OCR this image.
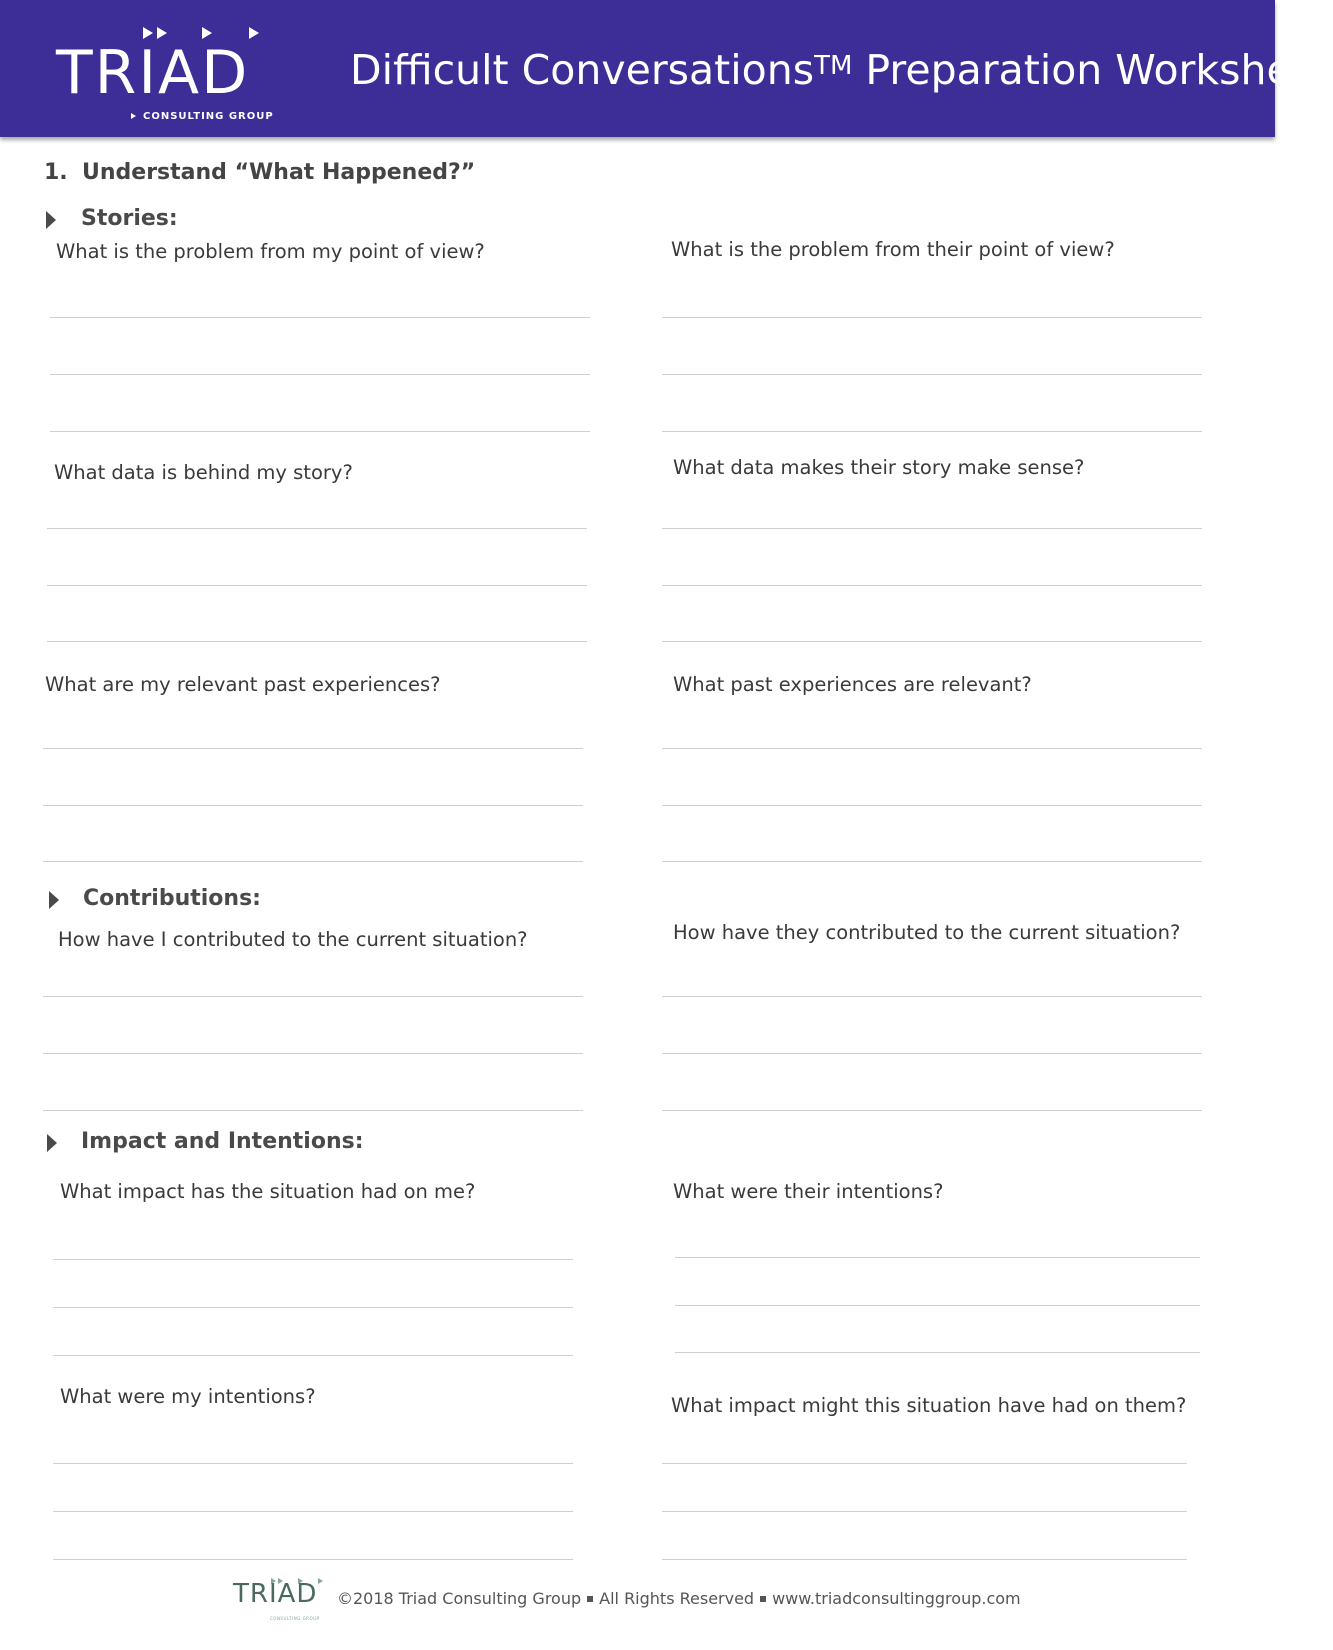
TRIAD
CONSULTING GROUP
Difficult Conversations™ Preparation Worksheet
1. Understand “What Happened?”
Stories:
What is the problem from my point of view?	What is the problem from their point of view?
What data is behind my story?	What data makes their story make sense?
What are my relevant past experiences?	What past experiences are relevant?
Contributions:
How have I contributed to the current situation?	How have they contributed to the current situation?
Impact and Intentions:
What impact has the situation had on me?	What were their intentions?
What were my intentions?	What impact might this situation have had on them?
TRIAD
CONSULTING GROUP
©2018 Triad Consulting Group All Rights Reserved www.triadconsultinggroup.com
